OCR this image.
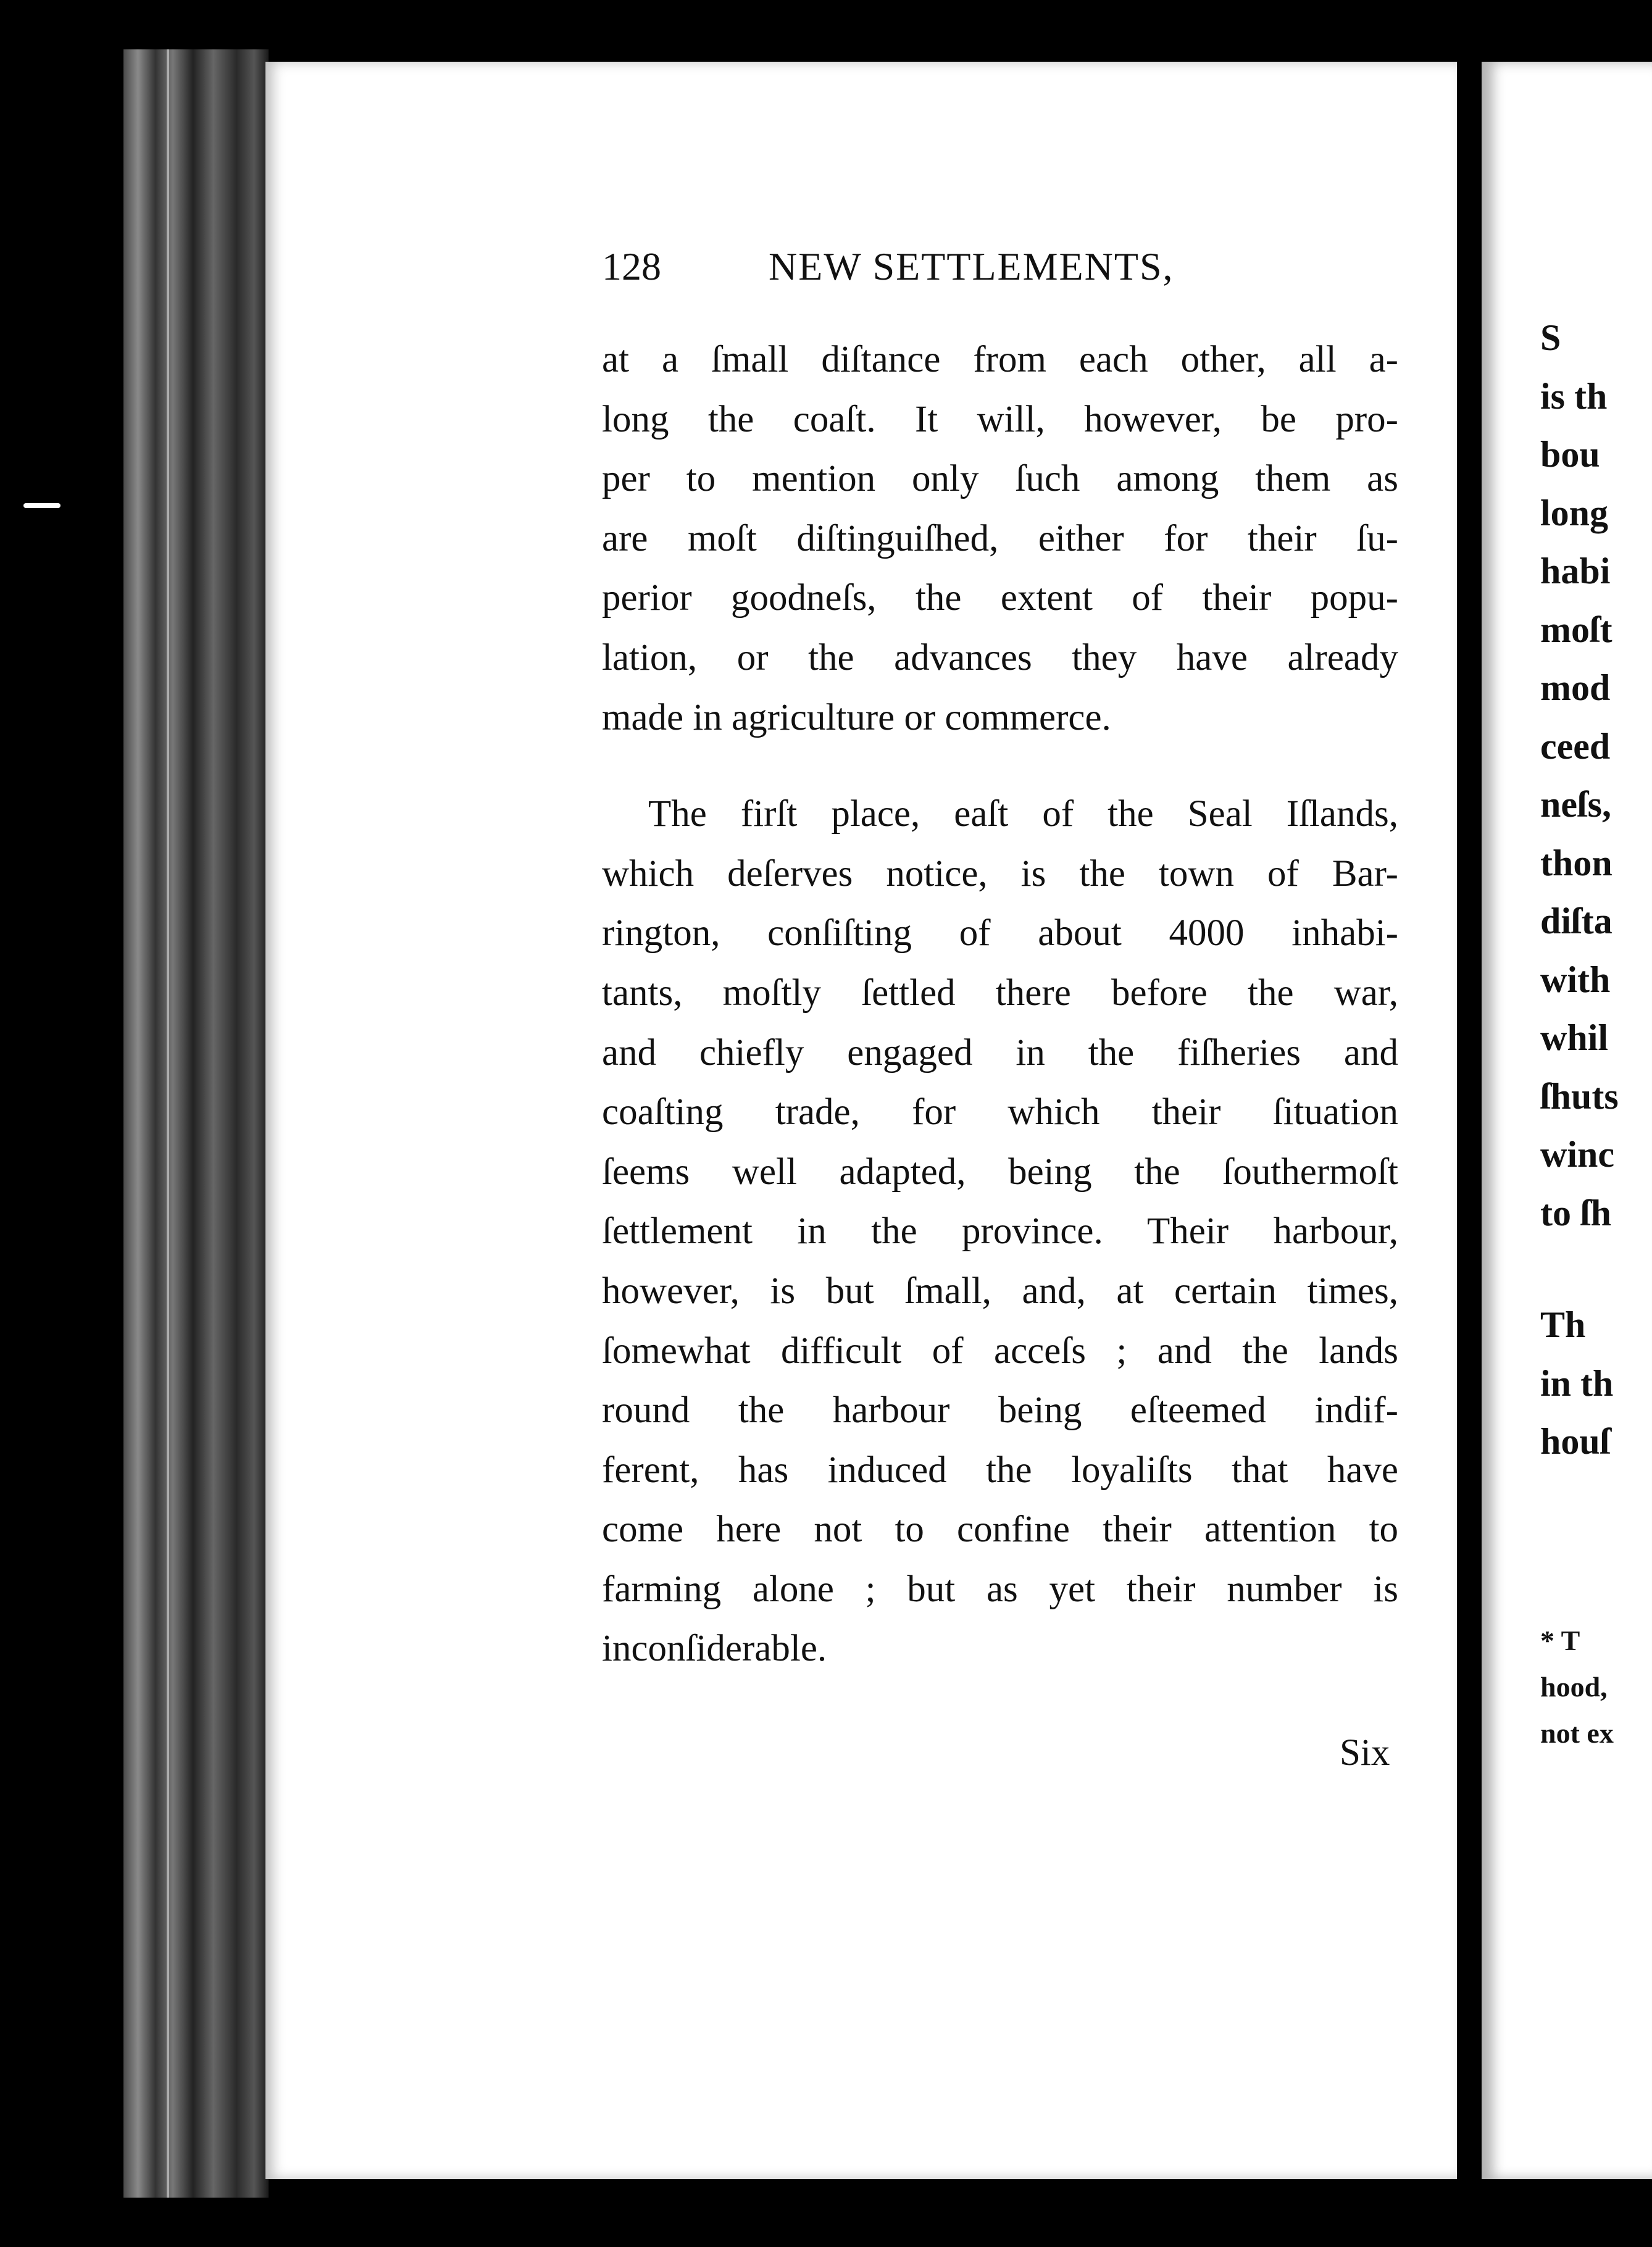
128	NEW SETTLEMENTS,
at a ſmall diſtance from each other, all a-
long the coaſt. It will, however, be pro-
per to mention only ſuch among them as
are moſt diſtinguiſhed, either for their ſu-
perior goodneſs, the extent of their popu-
lation, or the advances they have already
made in agriculture or commerce.
The firſt place, eaſt of the Seal Iſlands,
which deſerves notice, is the town of Bar-
rington, conſiſting of about 4000 inhabi-
tants, moſtly ſettled there before the war,
and chiefly engaged in the fiſheries and
coaſting trade, for which their ſituation
ſeems well adapted, being the ſouthermoſt
ſettlement in the province. Their harbour,
however, is but ſmall, and, at certain times,
ſomewhat difficult of acceſs ; and the lands
round the harbour being eſteemed indif-
ferent, has induced the loyaliſts that have
come here not to confine their attention to
farming alone ; but as yet their number is
inconſiderable.
Six
S
is th
bou
long
habi
moſt
mod
ceed
neſs,
thon
diſta
with
whil
ſhuts
winc
to ſh
Th
in th
houſ
* T
hood,
not ex
